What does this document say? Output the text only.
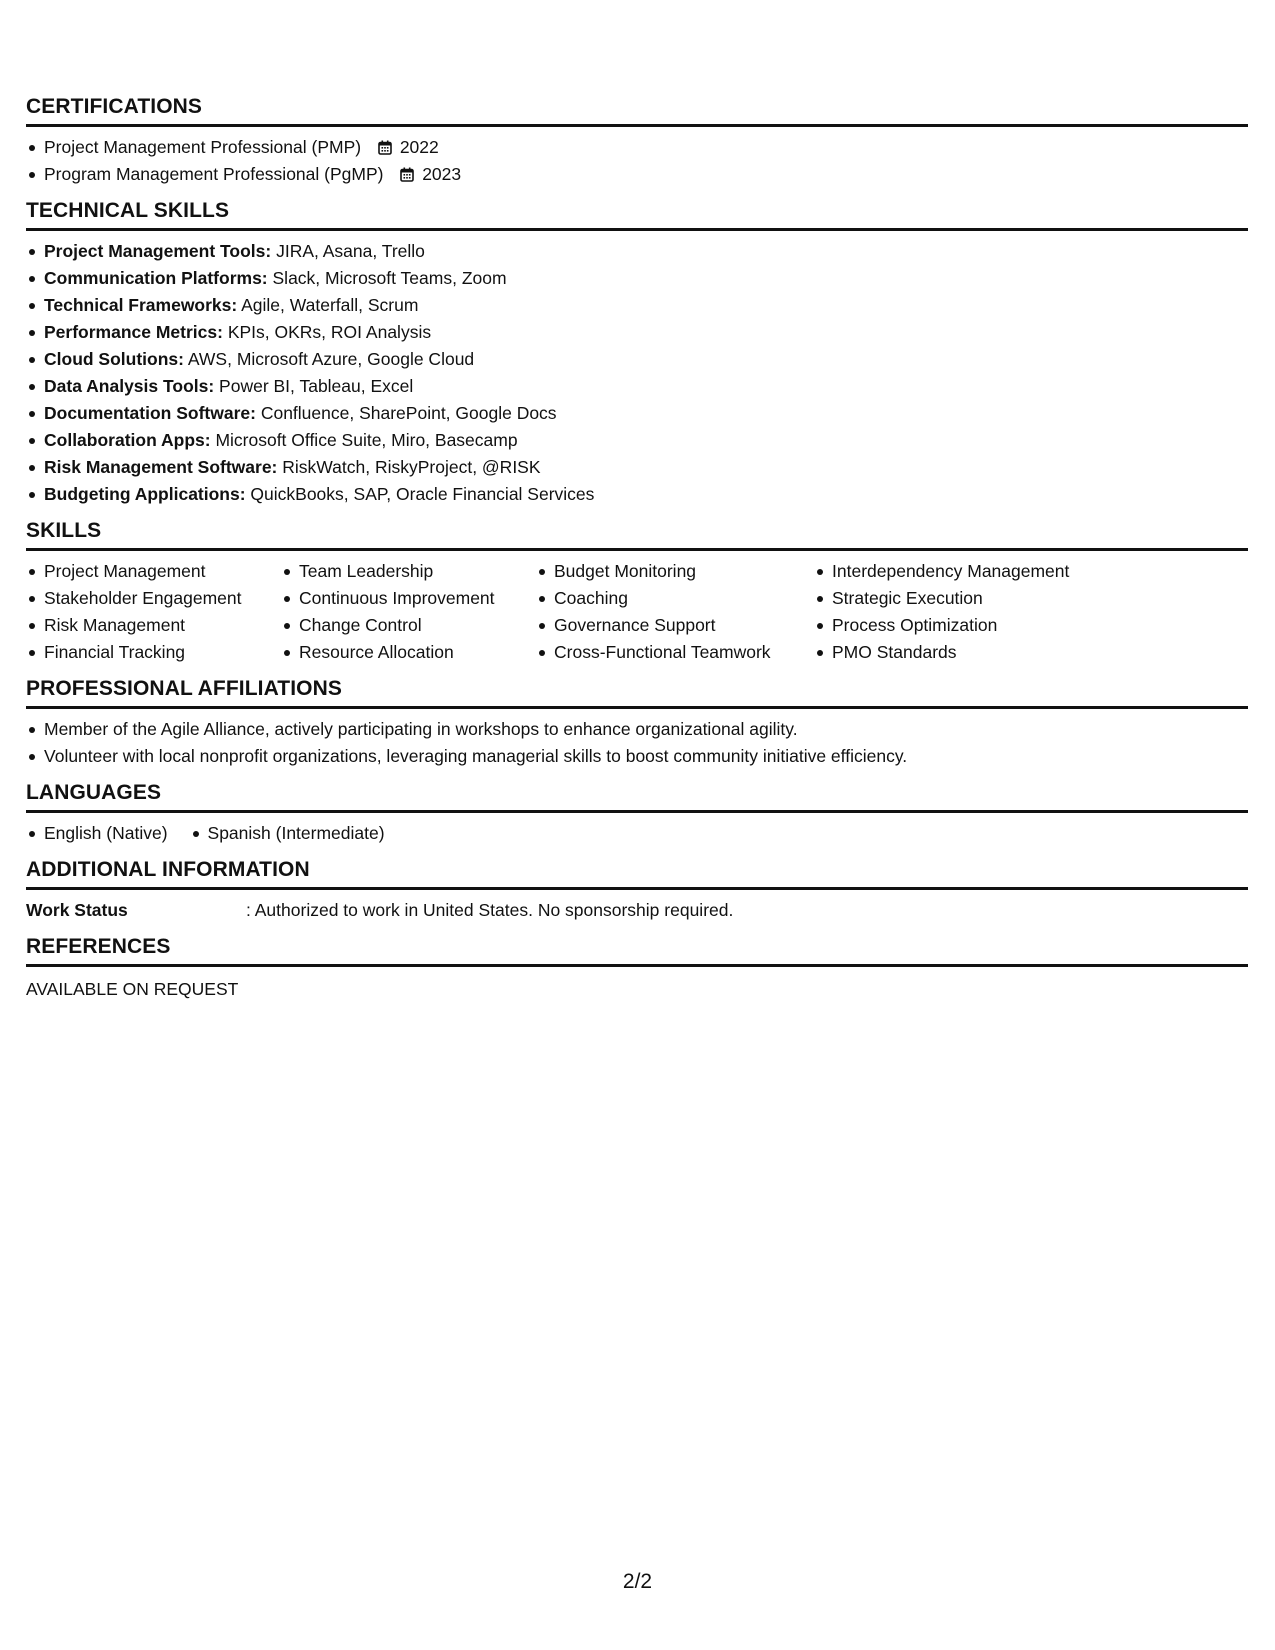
CERTIFICATIONS
Project Management Professional (PMP) 2022
Program Management Professional (PgMP) 2023
TECHNICAL SKILLS
Project Management Tools: JIRA, Asana, Trello
Communication Platforms: Slack, Microsoft Teams, Zoom
Technical Frameworks: Agile, Waterfall, Scrum
Performance Metrics: KPIs, OKRs, ROI Analysis
Cloud Solutions: AWS, Microsoft Azure, Google Cloud
Data Analysis Tools: Power BI, Tableau, Excel
Documentation Software: Confluence, SharePoint, Google Docs
Collaboration Apps: Microsoft Office Suite, Miro, Basecamp
Risk Management Software: RiskWatch, RiskyProject, @RISK
Budgeting Applications: QuickBooks, SAP, Oracle Financial Services
SKILLS
Project Management
Stakeholder Engagement
Risk Management
Financial Tracking
Team Leadership
Continuous Improvement
Change Control
Resource Allocation
Budget Monitoring
Coaching
Governance Support
Cross-Functional Teamwork
Interdependency Management
Strategic Execution
Process Optimization
PMO Standards
PROFESSIONAL AFFILIATIONS
Member of the Agile Alliance, actively participating in workshops to enhance organizational agility.
Volunteer with local nonprofit organizations, leveraging managerial skills to boost community initiative efficiency.
LANGUAGES
English (Native)	Spanish (Intermediate)
ADDITIONAL INFORMATION
Work Status	: Authorized to work in United States. No sponsorship required.
REFERENCES
AVAILABLE ON REQUEST
2/2
